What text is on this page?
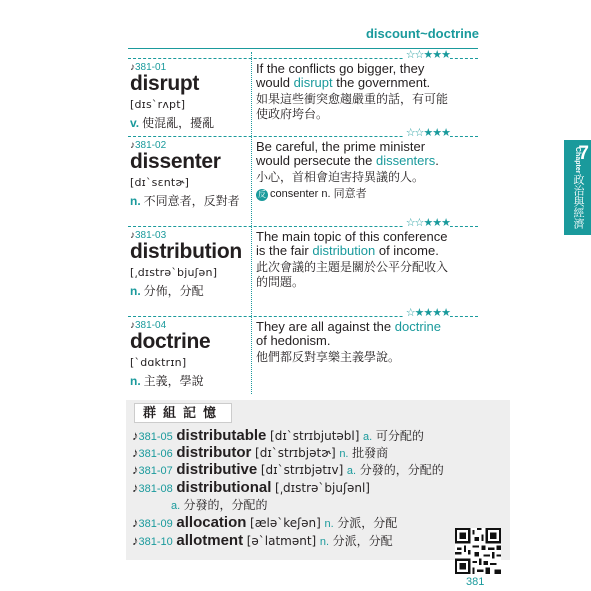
discount~doctrine
☆☆★★★
♪381-01
disrupt
[dɪsˋrʌpt]
v. 使混亂，擾亂
If the conflicts go bigger, they would disrupt the government.
如果這些衝突愈趨嚴重的話，有可能使政府垮台。
☆☆★★★
♪381-02
dissenter
[dɪˋsɛntɚ]
n. 不同意者，反對者
Be careful, the prime minister would persecute the dissenters.
小心，首相會迫害持異議的人。
反 consenter n. 同意者
☆☆★★★
♪381-03
distribution
[͵dɪstrəˋbjuʃən]
n. 分佈，分配
The main topic of this conference is the fair distribution of income.
此次會議的主題是關於公平分配收入的問題。
☆★★★★
♪381-04
doctrine
[ˋdɑktrɪn]
n. 主義，學說
They are all against the doctrine of hedonism.
他們都反對享樂主義學說。
Chapter
7
政治與經濟
群組記憶
♪381-05 distributable [dɪˋstrɪbjutəbl] a. 可分配的
♪381-06 distributor [dɪˋstrɪbjətɚ] n. 批發商
♪381-07 distributive [dɪˋstrɪbjətɪv] a. 分發的，分配的
♪381-08 distributional [͵dɪstrəˋbjuʃənl]
a. 分發的，分配的
♪381-09 allocation [ælə`keʃən] n. 分派，分配
♪381-10 allotment [əˋlatmənt] n. 分派，分配
381
